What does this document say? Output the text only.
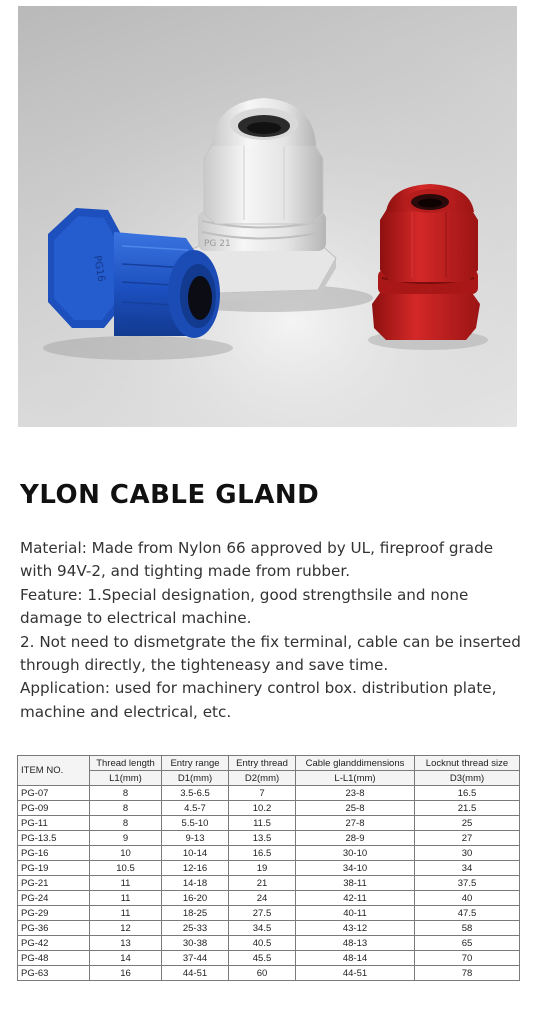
PG 21
PG16
YLON CABLE GLAND

Material: Made from Nylon 66 approved by UL, fireproof grade

with 94V-2, and tighting made from rubber.

Feature: 1.Special designation, good strengthsile and none

damage to electrical machine.

2. Not need to dismetgrate the fix terminal, cable can be inserted

through directly, the tighteneasy and save time.

Application: used for machinery control box. distribution plate,

machine and electrical, etc.

ITEM NO.	Thread length	Entry range	Entry thread	Cable glanddimensions	Locknut thread size
	L1(mm)	D1(mm)	D2(mm)	L-L1(mm)	D3(mm)
PG-07	8	3.5-6.5	7	23-8	16.5
PG-09	8	4.5-7	10.2	25-8	21.5
PG-11	8	5.5-10	11.5	27-8	25
PG-13.5	9	9-13	13.5	28-9	27
PG-16	10	10-14	16.5	30-10	30
PG-19	10.5	12-16	19	34-10	34
PG-21	11	14-18	21	38-11	37.5
PG-24	11	16-20	24	42-11	40
PG-29	11	18-25	27.5	40-11	47.5
PG-36	12	25-33	34.5	43-12	58
PG-42	13	30-38	40.5	48-13	65
PG-48	14	37-44	45.5	48-14	70
PG-63	16	44-51	60	44-51	78
